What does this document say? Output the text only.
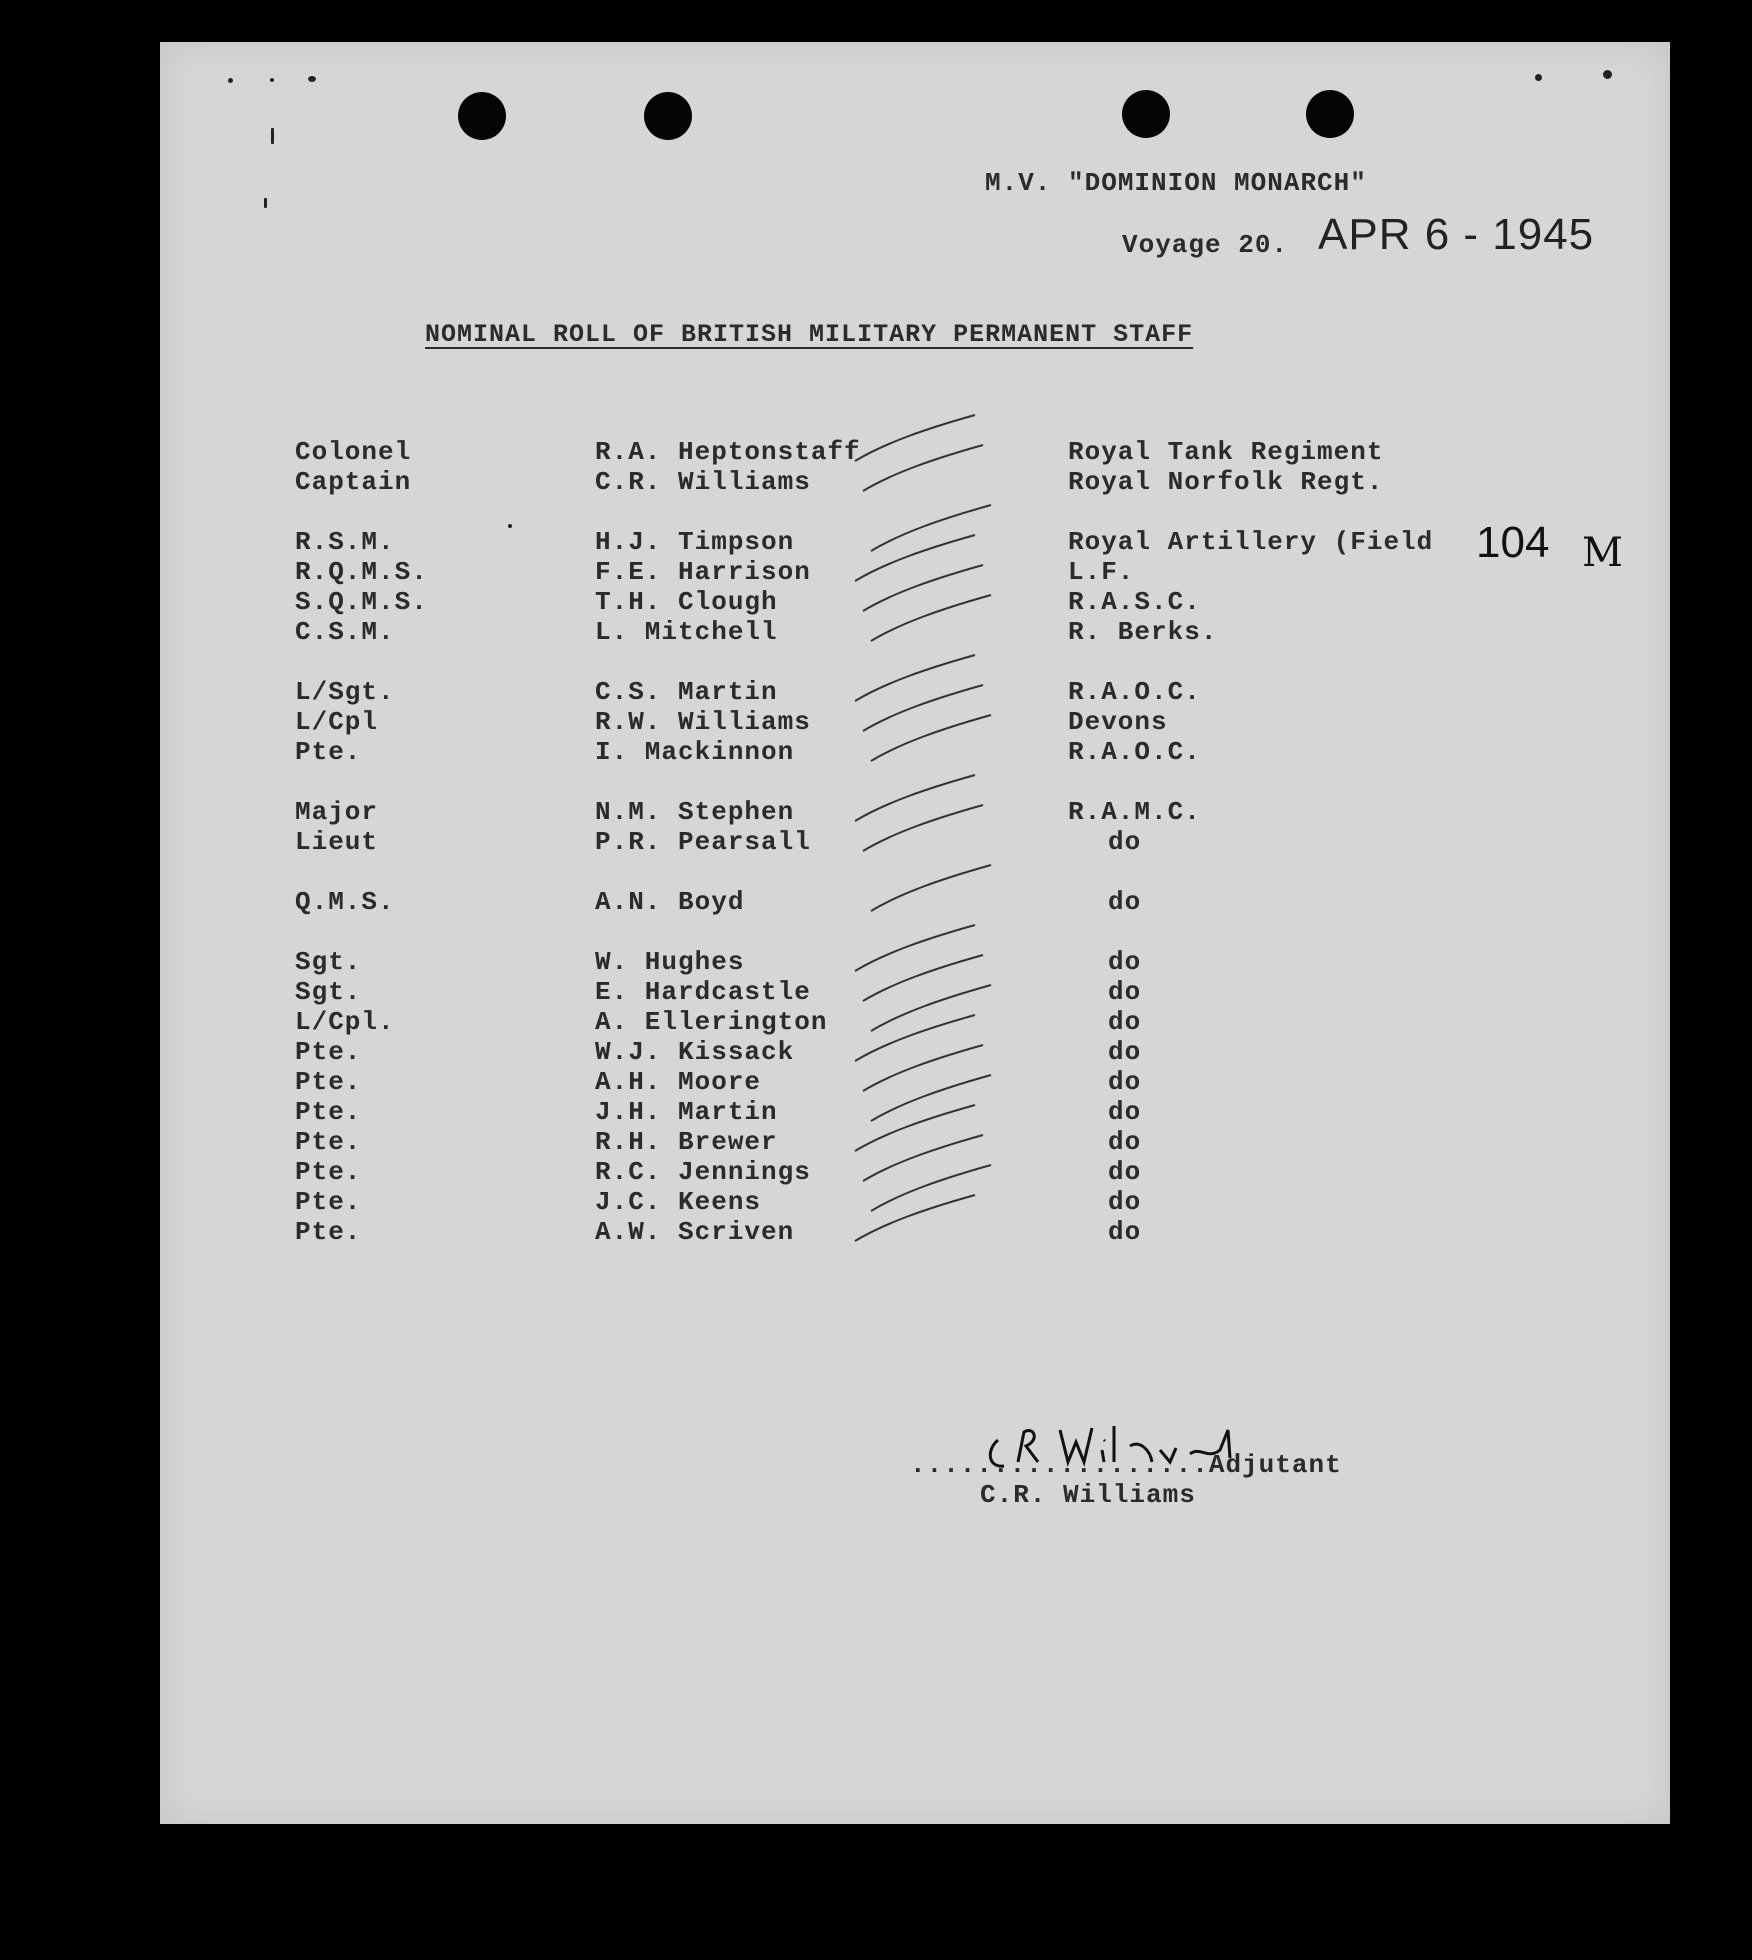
M.V. "DOMINION MONARCH"
Voyage 20. APR 6 - 1945
NOMINAL ROLL OF BRITISH MILITARY PERMANENT STAFF
Colonel	R.A. Heptonstaff	Royal Tank Regiment
Captain	C.R. Williams	Royal Norfolk Regt.
R.S.M.	H.J. Timpson	Royal Artillery (Field
R.Q.M.S.	F.E. Harrison	L.F.
S.Q.M.S.	T.H. Clough	R.A.S.C.
C.S.M.	L. Mitchell	R. Berks.
L/Sgt.	C.S. Martin	R.A.O.C.
L/Cpl	R.W. Williams	Devons
Pte.	I. Mackinnon	R.A.O.C.
Major	N.M. Stephen	R.A.M.C.
Lieut	P.R. Pearsall	do
Q.M.S.	A.N. Boyd	do
Sgt.	W. Hughes	do
Sgt.	E. Hardcastle	do
L/Cpl.	A. Ellerington	do
Pte.	W.J. Kissack	do
Pte.	A.H. Moore	do
Pte.	J.H. Martin	do
Pte.	R.H. Brewer	do
Pte.	R.C. Jennings	do
Pte.	J.C. Keens	do
Pte.	A.W. Scriven	do
104 M
..................Adjutant
C.R. Williams
